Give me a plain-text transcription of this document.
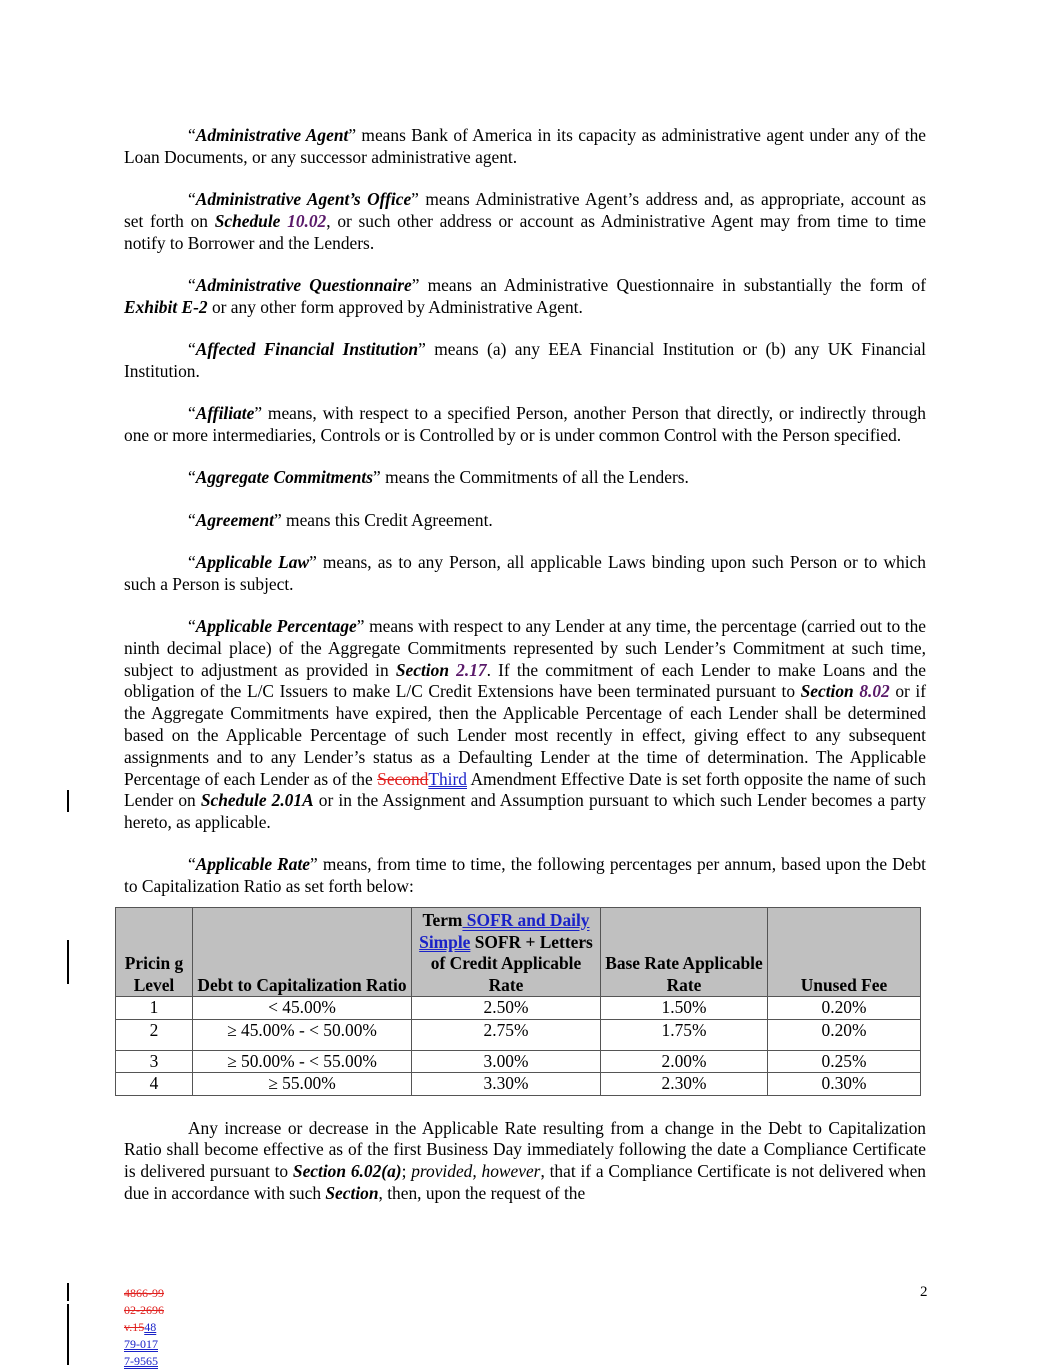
“Administrative Agent” means Bank of America in its capacity as administrative agent under any of the Loan Documents, or any successor administrative agent.

“Administrative Agent’s Office” means Administrative Agent’s address and, as appropriate, account as set forth on Schedule 10.02, or such other address or account as Administrative Agent may from time to time notify to Borrower and the Lenders.

“Administrative Questionnaire” means an Administrative Questionnaire in substantially the form of Exhibit E-2 or any other form approved by Administrative Agent.

“Affected Financial Institution” means (a) any EEA Financial Institution or (b) any UK Financial Institution.

“Affiliate” means, with respect to a specified Person, another Person that directly, or indirectly through one or more intermediaries, Controls or is Controlled by or is under common Control with the Person specified.

“Aggregate Commitments” means the Commitments of all the Lenders.

“Agreement” means this Credit Agreement.

“Applicable Law” means, as to any Person, all applicable Laws binding upon such Person or to which such a Person is subject.

“Applicable Percentage” means with respect to any Lender at any time, the percentage (carried out to the ninth decimal place) of the Aggregate Commitments represented by such Lender’s Commitment at such time, subject to adjustment as provided in Section 2.17. If the commitment of each Lender to make Loans and the obligation of the L/C Issuers to make L/C Credit Extensions have been terminated pursuant to Section 8.02 or if the Aggregate Commitments have expired, then the Applicable Percentage of each Lender shall be determined based on the Applicable Percentage of such Lender most recently in effect, giving effect to any subsequent assignments and to any Lender’s status as a Defaulting Lender at the time of determination. The Applicable Percentage of each Lender as of the SecondThird Amendment Effective Date is set forth opposite the name of such Lender on Schedule 2.01A or in the Assignment and Assumption pursuant to which such Lender becomes a party hereto, as applicable.

“Applicable Rate” means, from time to time, the following percentages per annum, based upon the Debt to Capitalization Ratio as set forth below:

Pricin g Level	Debt to Capitalization Ratio	Term SOFR and Daily Simple SOFR + Letters of Credit Applicable Rate	Base Rate Applicable Rate	Unused Fee
1	< 45.00%	2.50%	1.50%	0.20%
2	≥ 45.00% - < 50.00%	2.75%	1.75%	0.20%
3	≥ 50.00% - < 55.00%	3.00%	2.00%	0.25%
4	≥ 55.00%	3.30%	2.30%	0.30%

Any increase or decrease in the Applicable Rate resulting from a change in the Debt to Capitalization Ratio shall become effective as of the first Business Day immediately following the date a Compliance Certificate is delivered pursuant to Section 6.02(a); provided, however, that if a Compliance Certificate is not delivered when due in accordance with such Section, then, upon the request of the

4866-99
02-2696
v.1548
79-017
7-9565
2
